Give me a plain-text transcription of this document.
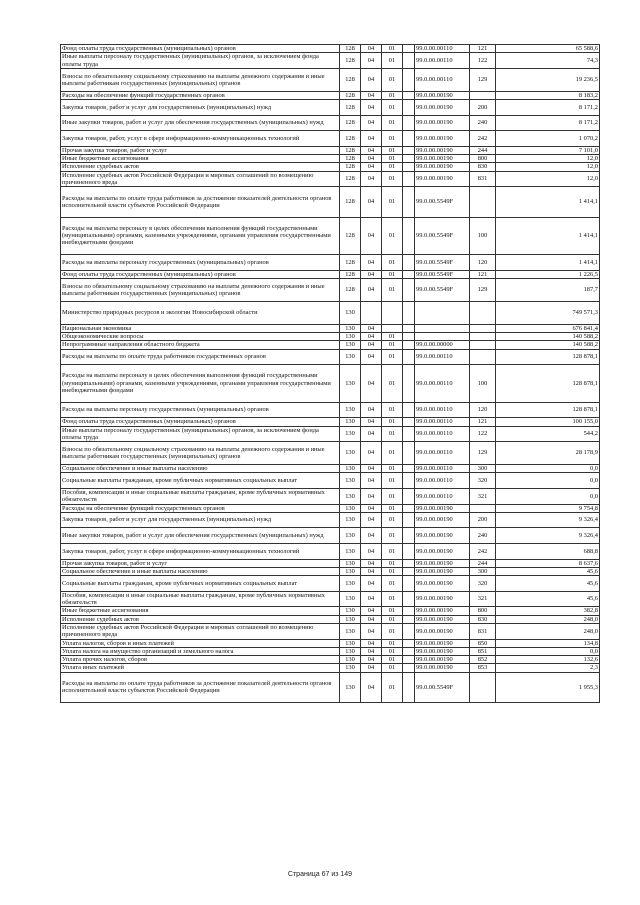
Фонд оплаты труда государственных (муниципальных) органов	128	04	01		99.0.00.00110	121	65 588,6
Иные выплаты персоналу государственных (муниципальных) органов, за исключением фонда оплаты труда	128	04	01		99.0.00.00110	122	74,3
Взносы по обязательному социальному страхованию на выплаты денежного содержания и иные выплаты работникам государственных (муниципальных) органов	128	04	01		99.0.00.00110	129	19 236,5
Расходы на обеспечение функций государственных органов	128	04	01		99.0.00.00190		8 183,2
Закупка товаров, работ и услуг для государственных (муниципальных) нужд	128	04	01		99.0.00.00190	200	8 171,2
Иные закупки товаров, работ и услуг для обеспечения государственных (муниципальных) нужд	128	04	01		99.0.00.00190	240	8 171,2
Закупка товаров, работ, услуг в сфере информационно-коммуникационных технологий	128	04	01		99.0.00.00190	242	1 070,2
Прочая закупка товаров, работ и услуг	128	04	01		99.0.00.00190	244	7 101,0
Иные бюджетные ассигнования	128	04	01		99.0.00.00190	800	12,0
Исполнение судебных актов	128	04	01		99.0.00.00190	830	12,0
Исполнение судебных актов Российской Федерации и мировых соглашений по возмещению причиненного вреда	128	04	01		99.0.00.00190	831	12,0
Расходы на выплаты по оплате труда работников за достижение показателей деятельности органов исполнительной власти субъектов Российской Федерации	128	04	01		99.0.00.5549F		1 414,1
Расходы на выплаты персоналу в целях обеспечения выполнения функций государственными (муниципальными) органами, казенными учреждениями, органами управления государственными внебюджетными фондами	128	04	01		99.0.00.5549F	100	1 414,1
Расходы на выплаты персоналу государственных (муниципальных) органов	128	04	01		99.0.00.5549F	120	1 414,1
Фонд оплаты труда государственных (муниципальных) органов	128	04	01		99.0.00.5549F	121	1 226,5
Взносы по обязательному социальному страхованию на выплаты денежного содержания и иные выплаты работникам государственных (муниципальных) органов	128	04	01		99.0.00.5549F	129	187,7
Министерство природных ресурсов и экологии Новосибирской области	130						749 571,3
Национальная экономика	130	04					676 841,4
Общеэкономические вопросы	130	04	01				140 588,2
Непрограммные направления областного бюджета	130	04	01		99.0.00.00000		140 588,2
Расходы на выплаты по оплате труда работников государственных органов	130	04	01		99.0.00.00110		128 878,1
Расходы на выплаты персоналу в целях обеспечения выполнения функций государственными (муниципальными) органами, казенными учреждениями, органами управления государственными внебюджетными фондами	130	04	01		99.0.00.00110	100	128 878,1
Расходы на выплаты персоналу государственных (муниципальных) органов	130	04	01		99.0.00.00110	120	128 878,1
Фонд оплаты труда государственных (муниципальных) органов	130	04	01		99.0.00.00110	121	100 155,0
Иные выплаты персоналу государственных (муниципальных) органов, за исключением фонда оплаты труда	130	04	01		99.0.00.00110	122	544,2
Взносы по обязательному социальному страхованию на выплаты денежного содержания и иные выплаты работникам государственных (муниципальных) органов	130	04	01		99.0.00.00110	129	28 178,9
Социальное обеспечение и иные выплаты населению	130	04	01		99.0.00.00110	300	0,0
Социальные выплаты гражданам, кроме публичных нормативных социальных выплат	130	04	01		99.0.00.00110	320	0,0
Пособия, компенсации и иные социальные выплаты гражданам, кроме публичных нормативных обязательств	130	04	01		99.0.00.00110	321	0,0
Расходы на обеспечение функций государственных органов	130	04	01		99.0.00.00190		9 754,8
Закупка товаров, работ и услуг для государственных (муниципальных) нужд	130	04	01		99.0.00.00190	200	9 326,4
Иные закупки товаров, работ и услуг для обеспечения государственных (муниципальных) нужд	130	04	01		99.0.00.00190	240	9 326,4
Закупка товаров, работ, услуг в сфере информационно-коммуникационных технологий	130	04	01		99.0.00.00190	242	688,8
Прочая закупка товаров, работ и услуг	130	04	01		99.0.00.00190	244	8 637,6
Социальное обеспечение и иные выплаты населению	130	04	01		99.0.00.00190	300	45,6
Социальные выплаты гражданам, кроме публичных нормативных социальных выплат	130	04	01		99.0.00.00190	320	45,6
Пособия, компенсации и иные социальные выплаты гражданам, кроме публичных нормативных обязательств	130	04	01		99.0.00.00190	321	45,6
Иные бюджетные ассигнования	130	04	01		99.0.00.00190	800	382,8
Исполнение судебных актов	130	04	01		99.0.00.00190	830	248,0
Исполнение судебных актов Российской Федерации и мировых соглашений по возмещению причиненного вреда	130	04	01		99.0.00.00190	831	248,0
Уплата налогов, сборов и иных платежей	130	04	01		99.0.00.00190	850	134,8
Уплата налога на имущество организаций и земельного налога	130	04	01		99.0.00.00190	851	0,0
Уплата прочих налогов, сборов	130	04	01		99.0.00.00190	852	132,6
Уплата иных платежей	130	04	01		99.0.00.00190	853	2,3
Расходы на выплаты по оплате труда работников за достижение показателей деятельности органов исполнительной власти субъектов Российской Федерации	130	04	01		99.0.00.5549F		1 955,3
Страница 67 из 149
